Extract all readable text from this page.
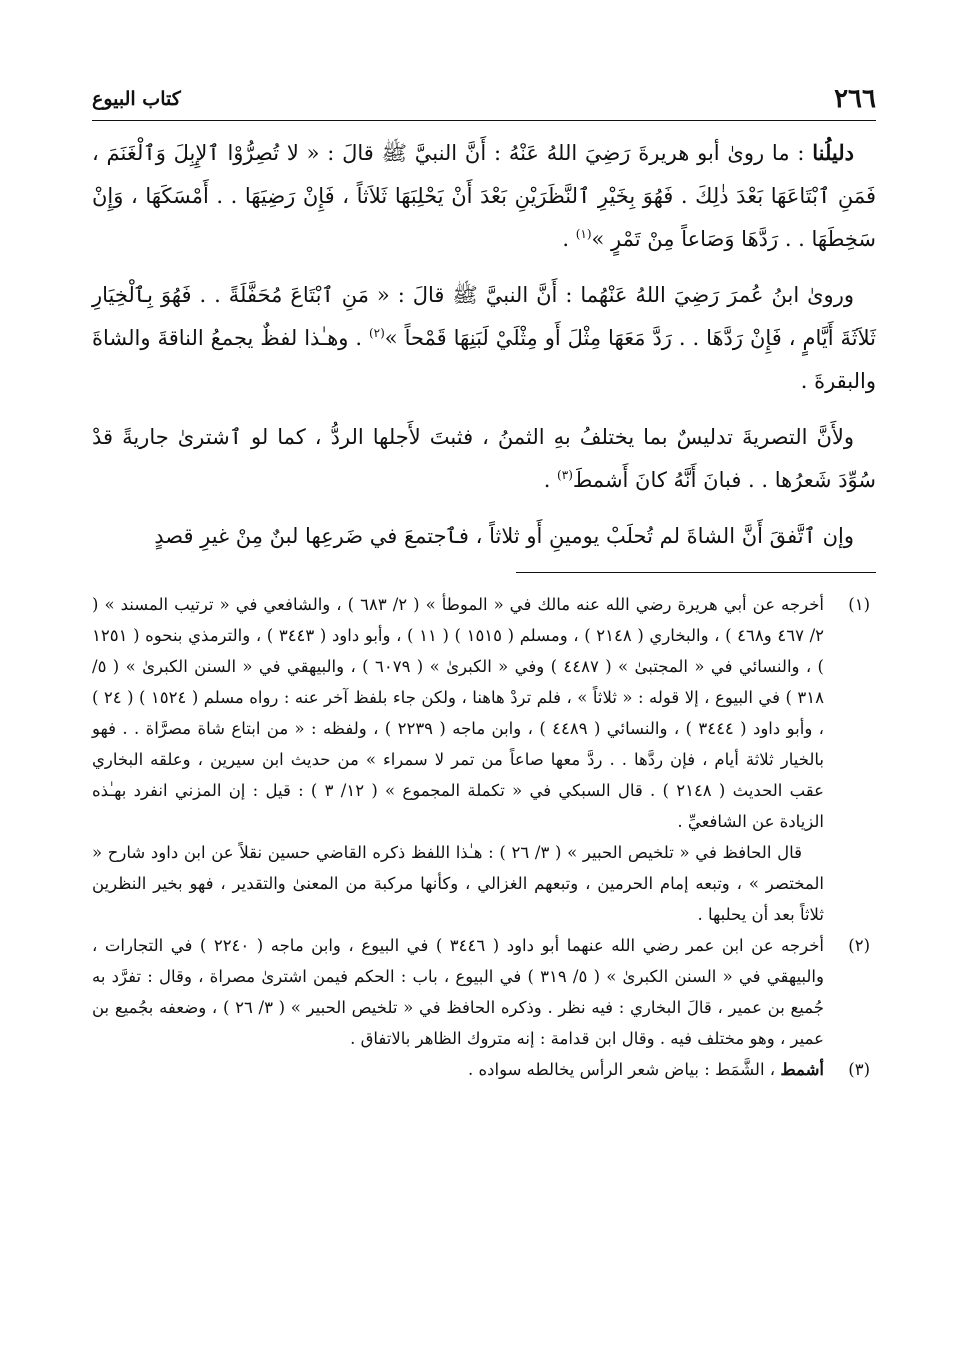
٢٦٦
كتاب البيوع

دليلُنا : ما روىٰ أبو هريرةَ رَضِيَ اللهُ عَنْهُ : أَنَّ النبيَّ ﷺ قالَ : « لا تُصِرُّوْا ٱلإِبِلَ وَٱلْغَنَمَ ، فَمَنِ ٱبْتَاعَهَا بَعْدَ ذٰلِكَ . فَهُوَ بِخَيْرِ ٱلنَّظَرَيْنِ بَعْدَ أَنْ يَحْلِبَهَا ثَلاَثاً ، فَإِنْ رَضِيَهَا . . أَمْسَكَهَا ، وَإِنْ سَخِطَهَا . . رَدَّهَا وَصَاعاً مِنْ تَمْرٍ »$^{(١)}$ .

وروىٰ ابنُ عُمرَ رَضِيَ اللهُ عَنْهُما : أَنَّ النبيَّ ﷺ قالَ : « مَنِ ٱبْتَاعَ مُحَفَّلَةً . . فَهُوَ بِٱلْخِيَارِ ثَلاَثَةَ أَيَّامٍ ، فَإِنْ رَدَّهَا . . رَدَّ مَعَهَا مِثْلَ أَو مِثْلَيْ لَبَنِهَا قَمْحاً »$^{(٢)}$ . وهـٰذا لفظٌ يجمعُ الناقةَ والشاةَ والبقرةَ .

ولأَنَّ التصريةَ تدليسٌ بما يختلفُ بهِ الثمنُ ، فثبتَ لأَجلها الردُّ ، كما لو ٱشترىٰ جاريةً قدْ سُوِّدَ شَعرُها . . فبانَ أَنَّهُ كانَ أَشمطَ$^{(٣)}$ .

وإن ٱتَّفقَ أَنَّ الشاةَ لم تُحلَبْ يومينِ أَو ثلاثاً ، فٱجتمعَ في ضَرعِها لبنٌ مِنْ غيرِ قصدٍ

(١)

أخرجه عن أبي هريرة رضي الله عنه مالك في « الموطأ » ( ٢/ ٦٨٣ ) ، والشافعي في « ترتيب المسند » ( ٢/ ٤٦٧ و٤٦٨ ) ، والبخاري ( ٢١٤٨ ) ، ومسلم ( ١٥١٥ ) ( ١١ ) ، وأبو داود ( ٣٤٤٣ ) ، والترمذي بنحوه ( ١٢٥١ ) ، والنسائي في « المجتبىٰ » ( ٤٤٨٧ ) وفي « الكبرىٰ » ( ٦٠٧٩ ) ، والبيهقي في « السنن الكبرىٰ » ( ٥/ ٣١٨ ) في البيوع ، إلا قوله : « ثلاثاً » ، فلم تردْ هاهنا ، ولكن جاء بلفظ آخر عنه : رواه مسلم ( ١٥٢٤ ) ( ٢٤ ) ، وأبو داود ( ٣٤٤٤ ) ، والنسائي ( ٤٤٨٩ ) ، وابن ماجه ( ٢٢٣٩ ) ، ولفظه : « من ابتاع شاة مصرَّاة . . فهو بالخيار ثلاثة أيام ، فإن ردَّها . . ردَّ معها صاعاً من تمر لا سمراء » من حديث ابن سيرين ، وعلقه البخاري عقب الحديث ( ٢١٤٨ ) . قال السبكي في « تكملة المجموع » ( ١٢/ ٣ ) : قيل : إن المزني انفرد بهـٰذه الزيادة عن الشافعيِّ .

قال الحافظ في « تلخيص الحبير » ( ٣/ ٢٦ ) : هـٰذا اللفظ ذكره القاضي حسين نقلاً عن ابن داود شارح « المختصر » ، وتبعه إمام الحرمين ، وتبعهم الغزالي ، وكأنها مركبة من المعنىٰ والتقدير ، فهو بخير النظرين ثلاثاً بعد أن يحلبها .

(٢)

أخرجه عن ابن عمر رضي الله عنهما أبو داود ( ٣٤٤٦ ) في البيوع ، وابن ماجه ( ٢٢٤٠ ) في التجارات ، والبيهقي في « السنن الكبرىٰ » ( ٥/ ٣١٩ ) في البيوع ، باب : الحكم فيمن اشترىٰ مصراة ، وقال : تفرَّد به جُميع بن عمير ، قالَ البخاري : فيه نظر . وذكره الحافظ في « تلخيص الحبير » ( ٣/ ٢٦ ) ، وضعفه بجُميع بن عمير ، وهو مختلف فيه . وقال ابن قدامة : إنه متروك الظاهر بالاتفاق .

(٣)

أشمط ، الشَّمَط : بياض شعر الرأس يخالطه سواده .
